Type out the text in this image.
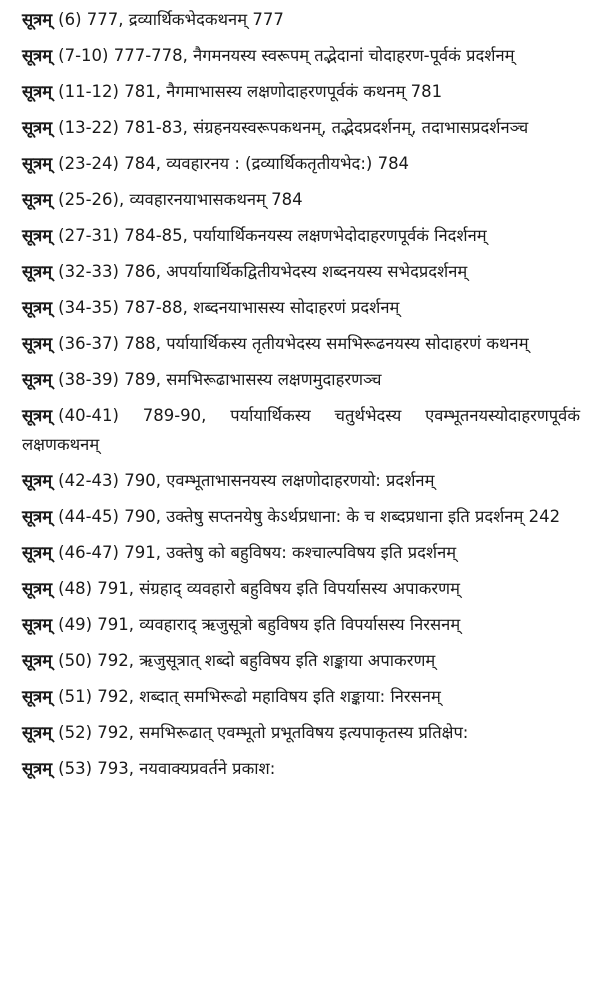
सूत्रम् (6) 777, द्रव्यार्थिकभेदकथनम् 777

सूत्रम् (7-10) 777-778, नैगमनयस्य स्वरूपम् तद्भेदानां चोदाहरण-पूर्वकं प्रदर्शनम्

सूत्रम् (11-12) 781, नैगमाभासस्य लक्षणोदाहरणपूर्वकं कथनम् 781

सूत्रम् (13-22) 781-83, संग्रहनयस्वरूपकथनम्, तद्भेदप्रदर्शनम्, तदाभासप्रदर्शनञ्च

सूत्रम् (23-24) 784, व्यवहारनय : (द्रव्यार्थिकतृतीयभेद:) 784

सूत्रम् (25-26), व्यवहारनयाभासकथनम् 784

सूत्रम् (27-31) 784-85, पर्यायार्थिकनयस्य लक्षणभेदोदाहरणपूर्वकं निदर्शनम्

सूत्रम् (32-33) 786, अपर्यायार्थिकद्वितीयभेदस्य शब्दनयस्य सभेदप्रदर्शनम्

सूत्रम् (34-35) 787-88, शब्दनयाभासस्य सोदाहरणं प्रदर्शनम्

सूत्रम् (36-37) 788, पर्यायार्थिकस्य तृतीयभेदस्य समभिरूढनयस्य सोदाहरणं कथनम्

सूत्रम् (38-39) 789, समभिरूढाभासस्य लक्षणमुदाहरणञ्च

सूत्रम् (40-41) 789-90, पर्यायार्थिकस्य चतुर्थभेदस्य एवम्भूतनयस्योदाहरणपूर्वकं लक्षणकथनम्

सूत्रम् (42-43) 790, एवम्भूताभासनयस्य लक्षणोदाहरणयो: प्रदर्शनम्

सूत्रम् (44-45) 790, उक्तेषु सप्तनयेषु केऽर्थप्रधाना: के च शब्दप्रधाना इति प्रदर्शनम् 242

सूत्रम् (46-47) 791, उक्तेषु को बहुविषय: कश्चाल्पविषय इति प्रदर्शनम्

सूत्रम् (48) 791, संग्रहाद् व्यवहारो बहुविषय इति विपर्यासस्य अपाकरणम्

सूत्रम् (49) 791, व्यवहाराद् ऋजुसूत्रो बहुविषय इति विपर्यासस्य निरसनम्

सूत्रम् (50) 792, ऋजुसूत्रात् शब्दो बहुविषय इति शङ्काया अपाकरणम्

सूत्रम् (51) 792, शब्दात् समभिरूढो महाविषय इति शङ्काया: निरसनम्

सूत्रम् (52) 792, समभिरूढात् एवम्भूतो प्रभूतविषय इत्यपाकृतस्य प्रतिक्षेप:

सूत्रम् (53) 793, नयवाक्यप्रवर्तने प्रकाश:
